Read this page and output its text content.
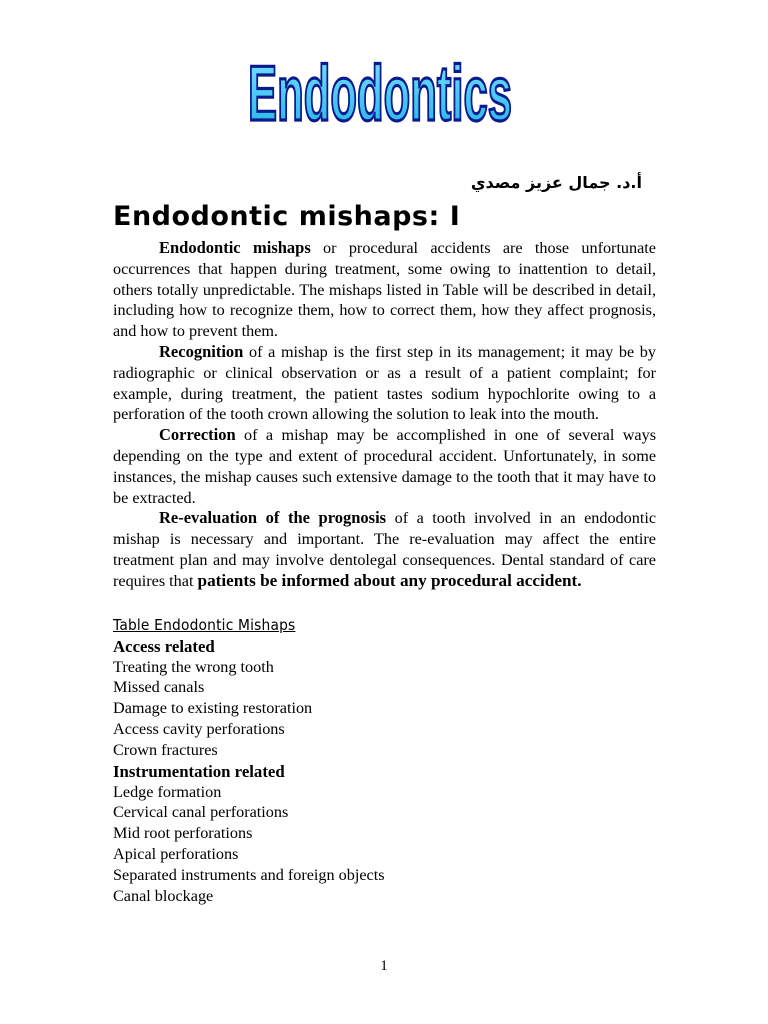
Endodontics
أ.د. جمال عزيز مصدي
Endodontic mishaps: I

Endodontic mishaps or procedural accidents are those unfortunate occurrences that happen during treatment, some owing to inattention to detail, others totally unpredictable. The mishaps listed in Table will be described in detail, including how to recognize them, how to correct them, how they affect prognosis, and how to prevent them.

Recognition of a mishap is the first step in its management; it may be by radiographic or clinical observation or as a result of a patient complaint; for example, during treatment, the patient tastes sodium hypochlorite owing to a perforation of the tooth crown allowing the solution to leak into the mouth.

Correction of a mishap may be accomplished in one of several ways depending on the type and extent of procedural accident. Unfortunately, in some instances, the mishap causes such extensive damage to the tooth that it may have to be extracted.

Re-evaluation of the prognosis of a tooth involved in an endodontic mishap is necessary and important. The re-evaluation may affect the entire treatment plan and may involve dentolegal consequences. Dental standard of care requires that patients be informed about any procedural accident.

Table Endodontic Mishaps
Access related
Treating the wrong tooth
Missed canals
Damage to existing restoration
Access cavity perforations
Crown fractures
Instrumentation related
Ledge formation
Cervical canal perforations
Mid root perforations
Apical perforations
Separated instruments and foreign objects
Canal blockage
1
